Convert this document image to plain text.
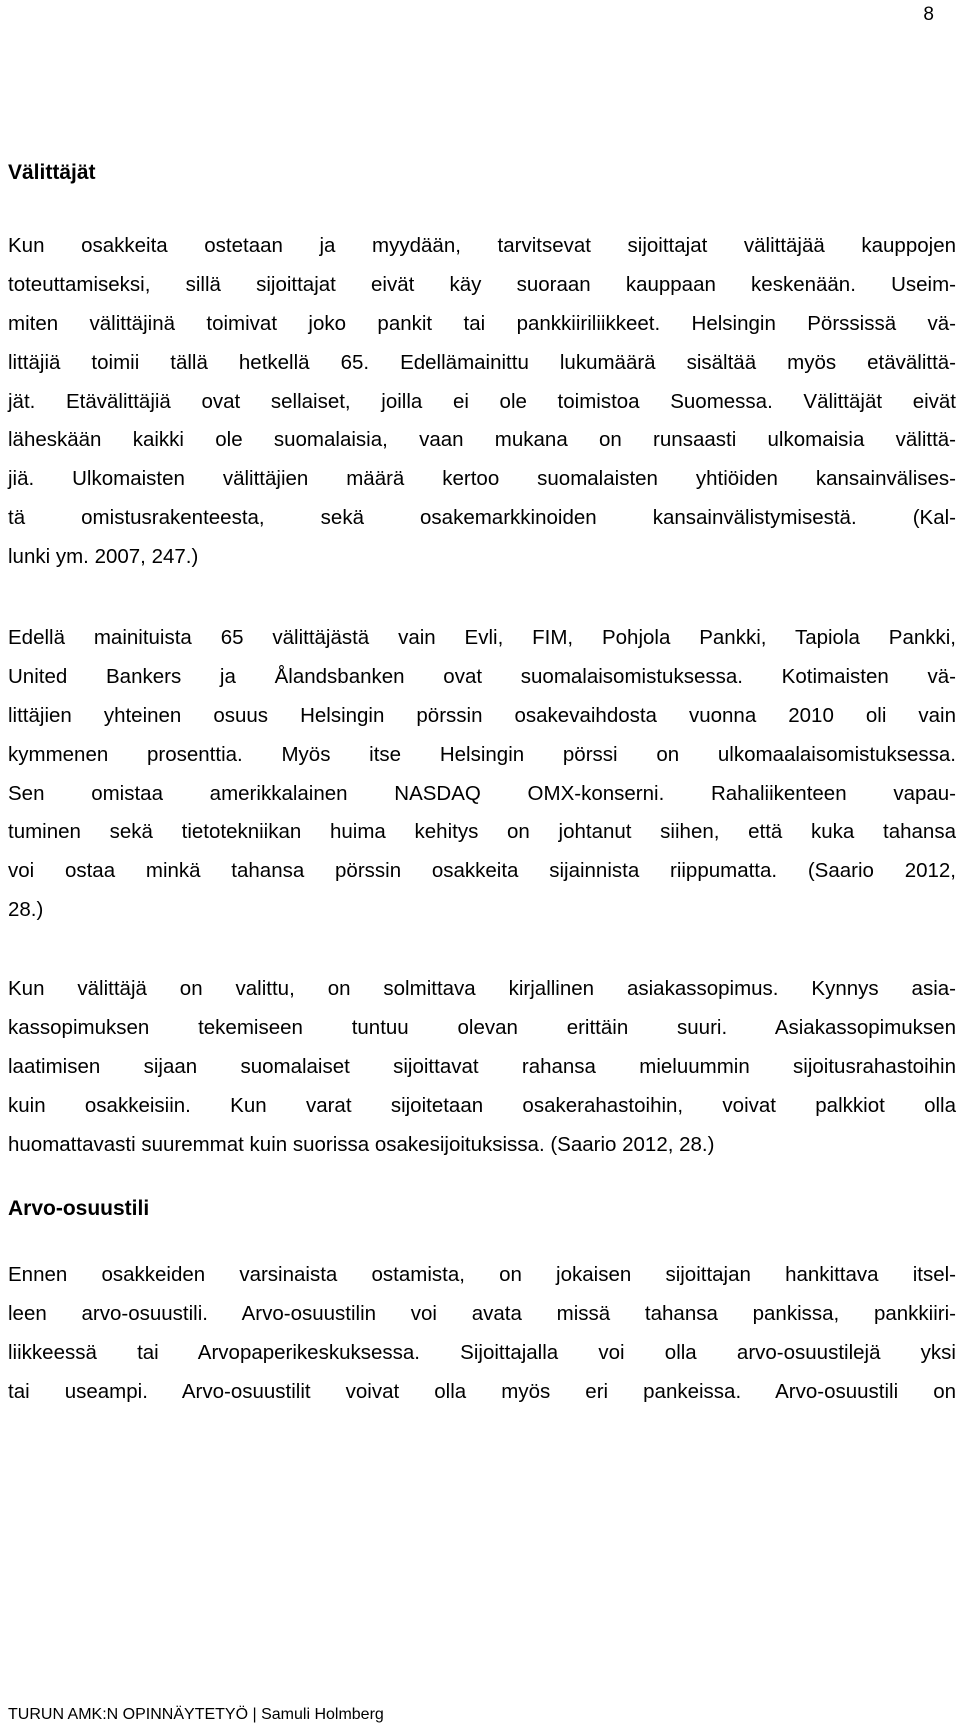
8
Välittäjät
Kun osakkeita ostetaan ja myydään, tarvitsevat sijoittajat välittäjää kauppojen
toteuttamiseksi, sillä sijoittajat eivät käy suoraan kauppaan keskenään. Useim-
miten välittäjinä toimivat joko pankit tai pankkiiriliikkeet. Helsingin Pörssissä vä-
littäjiä toimii tällä hetkellä 65. Edellämainittu lukumäärä sisältää myös etävälittä-
jät. Etävälittäjiä ovat sellaiset, joilla ei ole toimistoa Suomessa. Välittäjät eivät
läheskään kaikki ole suomalaisia, vaan mukana on runsaasti ulkomaisia välittä-
jiä. Ulkomaisten välittäjien määrä kertoo suomalaisten yhtiöiden kansainvälises-
tä omistusrakenteesta, sekä osakemarkkinoiden kansainvälistymisestä. (Kal-
lunki ym. 2007, 247.)
Edellä mainituista 65 välittäjästä vain Evli, FIM, Pohjola Pankki, Tapiola Pankki,
United Bankers ja Ålandsbanken ovat suomalaisomistuksessa. Kotimaisten vä-
littäjien yhteinen osuus Helsingin pörssin osakevaihdosta vuonna 2010 oli vain
kymmenen prosenttia. Myös itse Helsingin pörssi on ulkomaalaisomistuksessa.
Sen omistaa amerikkalainen NASDAQ OMX-konserni. Rahaliikenteen vapau-
tuminen sekä tietotekniikan huima kehitys on johtanut siihen, että kuka tahansa
voi ostaa minkä tahansa pörssin osakkeita sijainnista riippumatta. (Saario 2012,
28.)
Kun välittäjä on valittu, on solmittava kirjallinen asiakassopimus. Kynnys asia-
kassopimuksen tekemiseen tuntuu olevan erittäin suuri. Asiakassopimuksen
laatimisen sijaan suomalaiset sijoittavat rahansa mieluummin sijoitusrahastoihin
kuin osakkeisiin. Kun varat sijoitetaan osakerahastoihin, voivat palkkiot olla
huomattavasti suuremmat kuin suorissa osakesijoituksissa. (Saario 2012, 28.)
Arvo-osuustili
Ennen osakkeiden varsinaista ostamista, on jokaisen sijoittajan hankittava itsel-
leen arvo-osuustili. Arvo-osuustilin voi avata missä tahansa pankissa, pankkiiri-
liikkeessä tai Arvopaperikeskuksessa. Sijoittajalla voi olla arvo-osuustilejä yksi
tai useampi. Arvo-osuustilit voivat olla myös eri pankeissa. Arvo-osuustili on
TURUN AMK:N OPINNÄYTETYÖ | Samuli Holmberg
